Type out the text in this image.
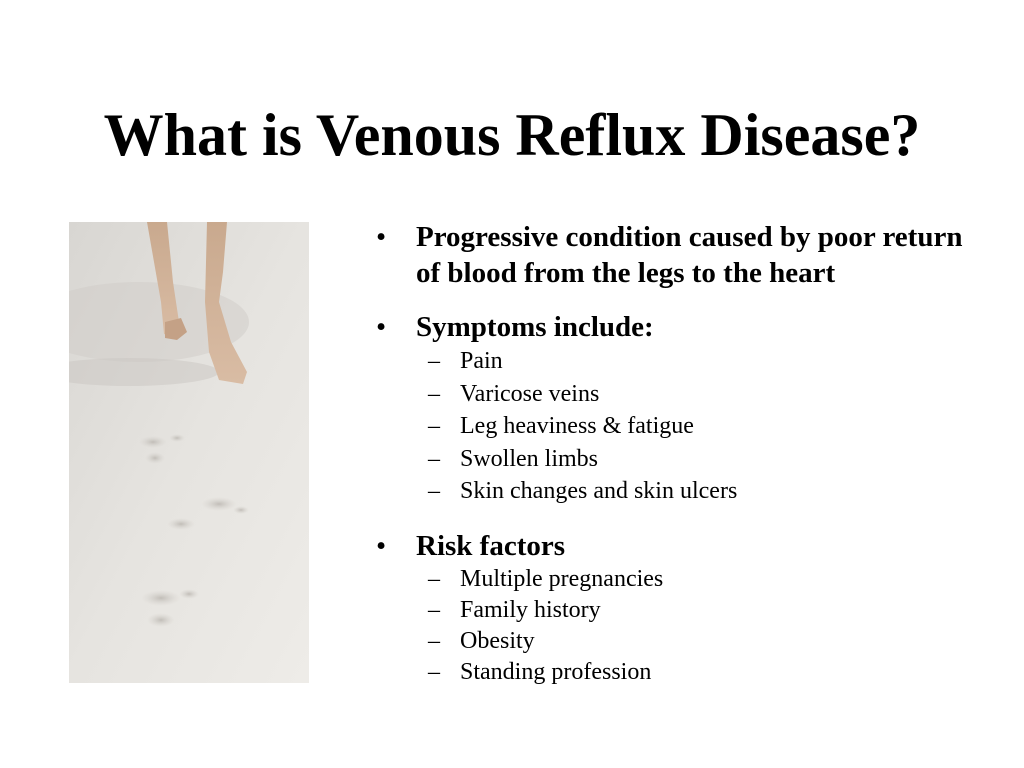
What is Venous Reflux Disease?
•	Progressive condition caused by poor return of blood from the legs to the heart
•	Symptoms include:
– Pain
– Varicose veins
– Leg heaviness & fatigue
– Swollen limbs
– Skin changes and skin ulcers
•	Risk factors
– Multiple pregnancies
– Family history
– Obesity
– Standing profession
